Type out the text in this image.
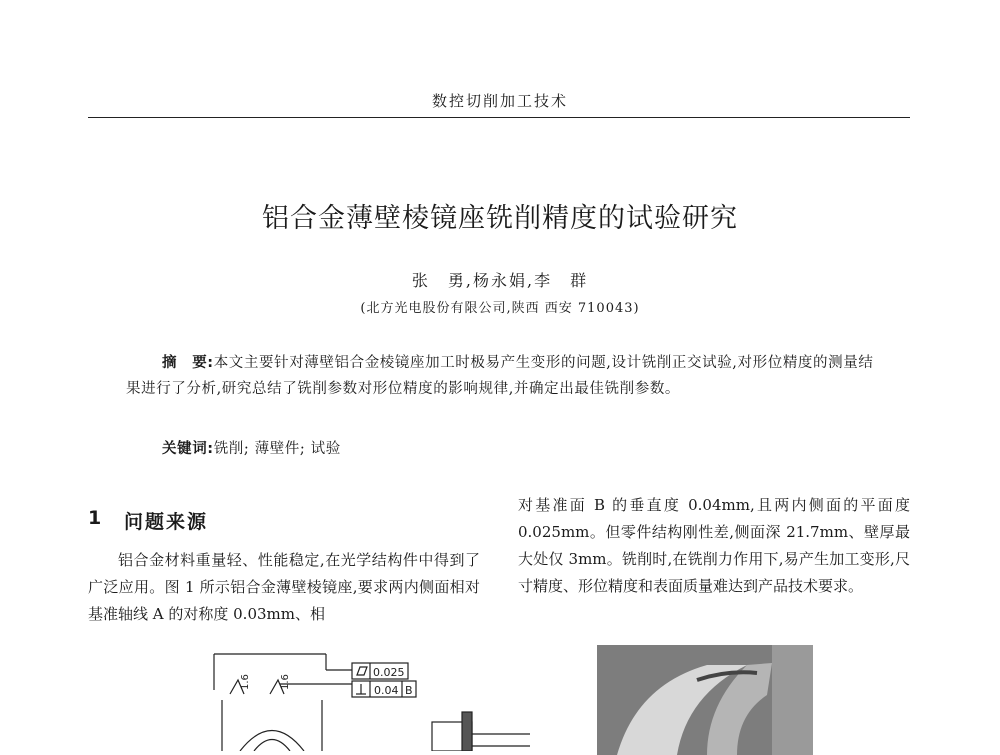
数控切削加工技术
铝合金薄壁棱镜座铣削精度的试验研究
张　勇,杨永娟,李　群
(北方光电股份有限公司,陕西 西安 710043)
摘　要:本文主要针对薄壁铝合金棱镜座加工时极易产生变形的问题,设计铣削正交试验,对形位精度的测量结果进行了分析,研究总结了铣削参数对形位精度的影响规律,并确定出最佳铣削参数。
关键词:铣削; 薄壁件; 试验
1 问题来源
铝合金材料重量轻、性能稳定,在光学结构件中得到了广泛应用。图 1 所示铝合金薄壁棱镜座,要求两内侧面相对基准轴线 A 的对称度 0.03mm、相
对基准面 B 的垂直度 0.04mm,且两内侧面的平面度 0.025mm。但零件结构刚性差,侧面深 21.7mm、壁厚最大处仅 3mm。铣削时,在铣削力作用下,易产生加工变形,尺寸精度、形位精度和表面质量难达到产品技术要求。
0.025
0.04 B
1.6	1.6
